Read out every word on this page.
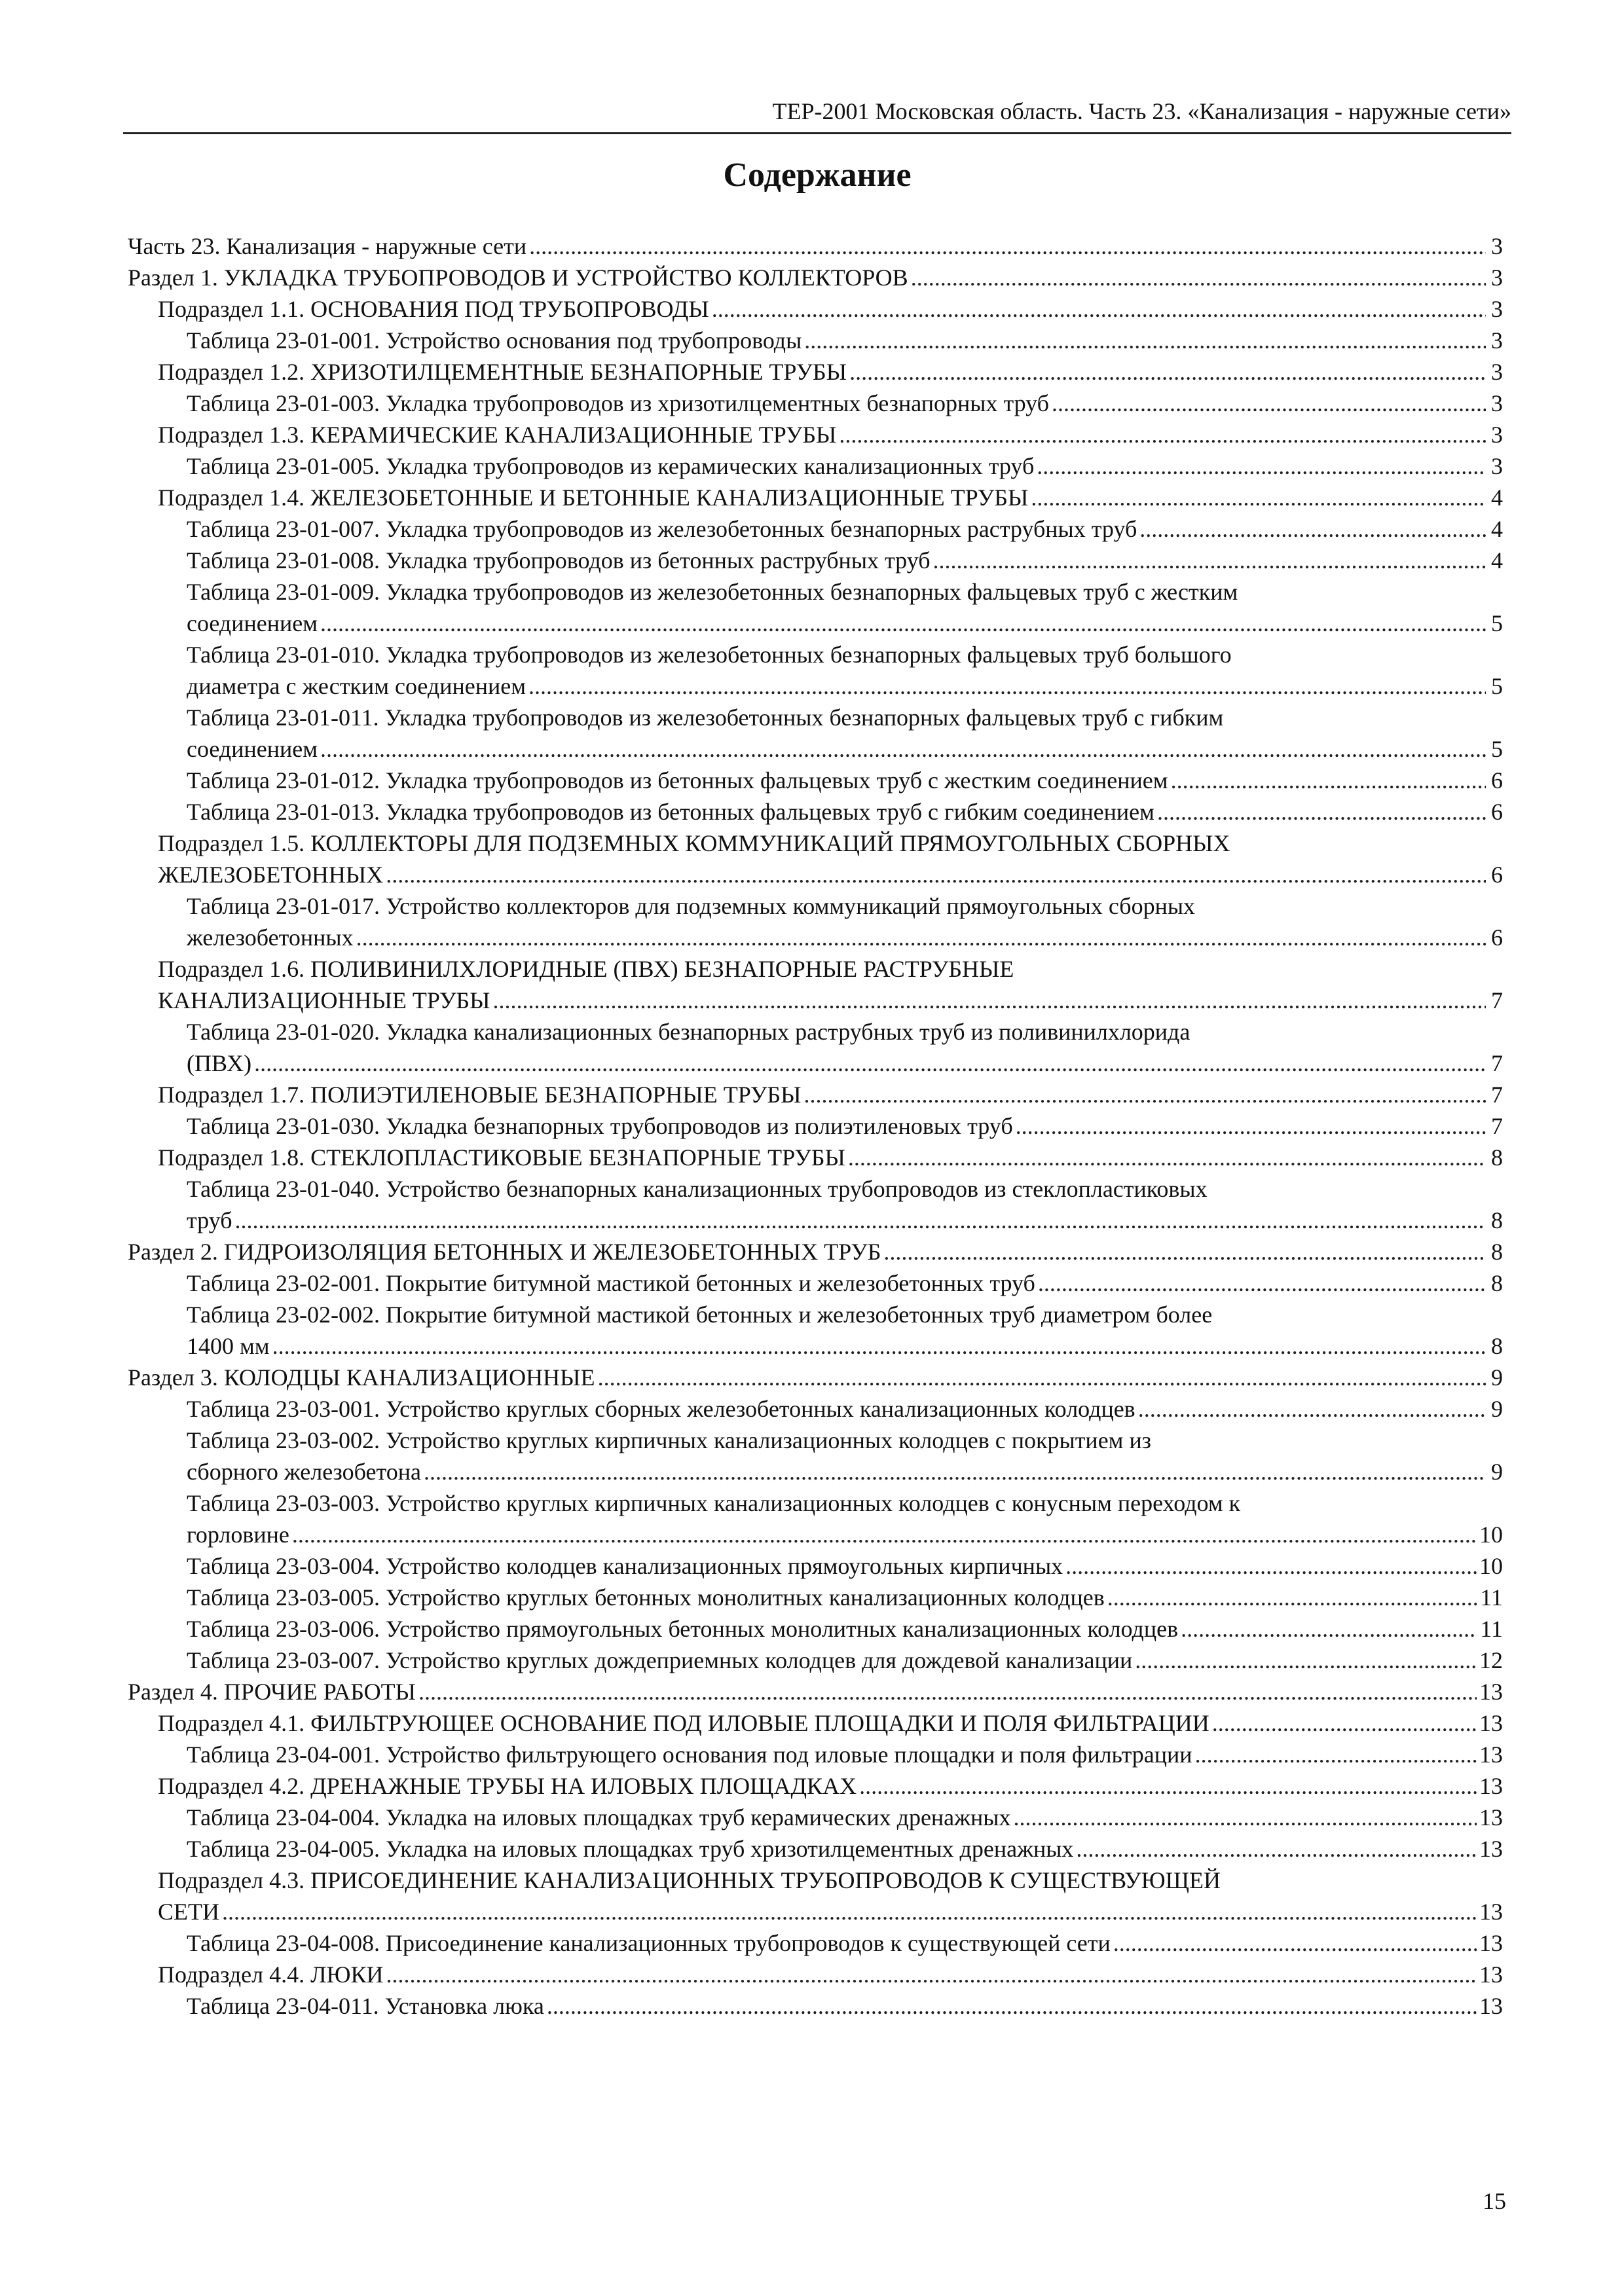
ТЕР-2001 Московская область. Часть 23. «Канализация - наружные сети»
Содержание
Часть 23. Канализация - наружные сети .....	3
Раздел 1. УКЛАДКА ТРУБОПРОВОДОВ И УСТРОЙСТВО КОЛЛЕКТОРОВ .....	3
Подраздел 1.1. ОСНОВАНИЯ ПОД ТРУБОПРОВОДЫ .....	3
Таблица 23-01-001. Устройство основания под трубопроводы .....	3
Подраздел 1.2. ХРИЗОТИЛЦЕМЕНТНЫЕ БЕЗНАПОРНЫЕ ТРУБЫ .....	3
Таблица 23-01-003. Укладка трубопроводов из хризотилцементных безнапорных труб .....	3
Подраздел 1.3. КЕРАМИЧЕСКИЕ КАНАЛИЗАЦИОННЫЕ ТРУБЫ .....	3
Таблица 23-01-005. Укладка трубопроводов из керамических канализационных труб .....	3
Подраздел 1.4. ЖЕЛЕЗОБЕТОННЫЕ И БЕТОННЫЕ КАНАЛИЗАЦИОННЫЕ ТРУБЫ .....	4
Таблица 23-01-007. Укладка трубопроводов из железобетонных безнапорных раструбных труб .....	4
Таблица 23-01-008. Укладка трубопроводов из бетонных раструбных труб .....	4
Таблица 23-01-009. Укладка трубопроводов из железобетонных безнапорных фальцевых труб с жестким
соединением .....	5
Таблица 23-01-010. Укладка трубопроводов из железобетонных безнапорных фальцевых труб большого
диаметра с жестким соединением .....	5
Таблица 23-01-011. Укладка трубопроводов из железобетонных безнапорных фальцевых труб с гибким
соединением .....	5
Таблица 23-01-012. Укладка трубопроводов из бетонных фальцевых труб с жестким соединением .....	6
Таблица 23-01-013. Укладка трубопроводов из бетонных фальцевых труб с гибким соединением .....	6
Подраздел 1.5. КОЛЛЕКТОРЫ ДЛЯ ПОДЗЕМНЫХ КОММУНИКАЦИЙ ПРЯМОУГОЛЬНЫХ СБОРНЫХ
ЖЕЛЕЗОБЕТОННЫХ .....	6
Таблица 23-01-017. Устройство коллекторов для подземных коммуникаций прямоугольных сборных
железобетонных .....	6
Подраздел 1.6. ПОЛИВИНИЛХЛОРИДНЫЕ (ПВХ) БЕЗНАПОРНЫЕ РАСТРУБНЫЕ
КАНАЛИЗАЦИОННЫЕ ТРУБЫ .....	7
Таблица 23-01-020. Укладка канализационных безнапорных раструбных труб из поливинилхлорида
(ПВХ) .....	7
Подраздел 1.7. ПОЛИЭТИЛЕНОВЫЕ БЕЗНАПОРНЫЕ ТРУБЫ .....	7
Таблица 23-01-030. Укладка безнапорных трубопроводов из полиэтиленовых труб .....	7
Подраздел 1.8. СТЕКЛОПЛАСТИКОВЫЕ БЕЗНАПОРНЫЕ ТРУБЫ .....	8
Таблица 23-01-040. Устройство безнапорных канализационных трубопроводов из стеклопластиковых
труб .....	8
Раздел 2. ГИДРОИЗОЛЯЦИЯ БЕТОННЫХ И ЖЕЛЕЗОБЕТОННЫХ ТРУБ .....	8
Таблица 23-02-001. Покрытие битумной мастикой бетонных и железобетонных труб .....	8
Таблица 23-02-002. Покрытие битумной мастикой бетонных и железобетонных труб диаметром более
1400 мм .....	8
Раздел 3. КОЛОДЦЫ КАНАЛИЗАЦИОННЫЕ .....	9
Таблица 23-03-001. Устройство круглых сборных железобетонных канализационных колодцев .....	9
Таблица 23-03-002. Устройство круглых кирпичных канализационных колодцев с покрытием из
сборного железобетона .....	9
Таблица 23-03-003. Устройство круглых кирпичных канализационных колодцев с конусным переходом к
горловине .....	10
Таблица 23-03-004. Устройство колодцев канализационных прямоугольных кирпичных .....	10
Таблица 23-03-005. Устройство круглых бетонных монолитных канализационных колодцев .....	11
Таблица 23-03-006. Устройство прямоугольных бетонных монолитных канализационных колодцев .....	11
Таблица 23-03-007. Устройство круглых дождеприемных колодцев для дождевой канализации .....	12
Раздел 4. ПРОЧИЕ РАБОТЫ .....	13
Подраздел 4.1. ФИЛЬТРУЮЩЕЕ ОСНОВАНИЕ ПОД ИЛОВЫЕ ПЛОЩАДКИ И ПОЛЯ ФИЛЬТРАЦИИ .....	13
Таблица 23-04-001. Устройство фильтрующего основания под иловые площадки и поля фильтрации .....	13
Подраздел 4.2. ДРЕНАЖНЫЕ ТРУБЫ НА ИЛОВЫХ ПЛОЩАДКАХ .....	13
Таблица 23-04-004. Укладка на иловых площадках труб керамических дренажных .....	13
Таблица 23-04-005. Укладка на иловых площадках труб хризотилцементных дренажных .....	13
Подраздел 4.3. ПРИСОЕДИНЕНИЕ КАНАЛИЗАЦИОННЫХ ТРУБОПРОВОДОВ К СУЩЕСТВУЮЩЕЙ
СЕТИ .....	13
Таблица 23-04-008. Присоединение канализационных трубопроводов к существующей сети .....	13
Подраздел 4.4. ЛЮКИ .....	13
Таблица 23-04-011. Установка люка .....	13
15
